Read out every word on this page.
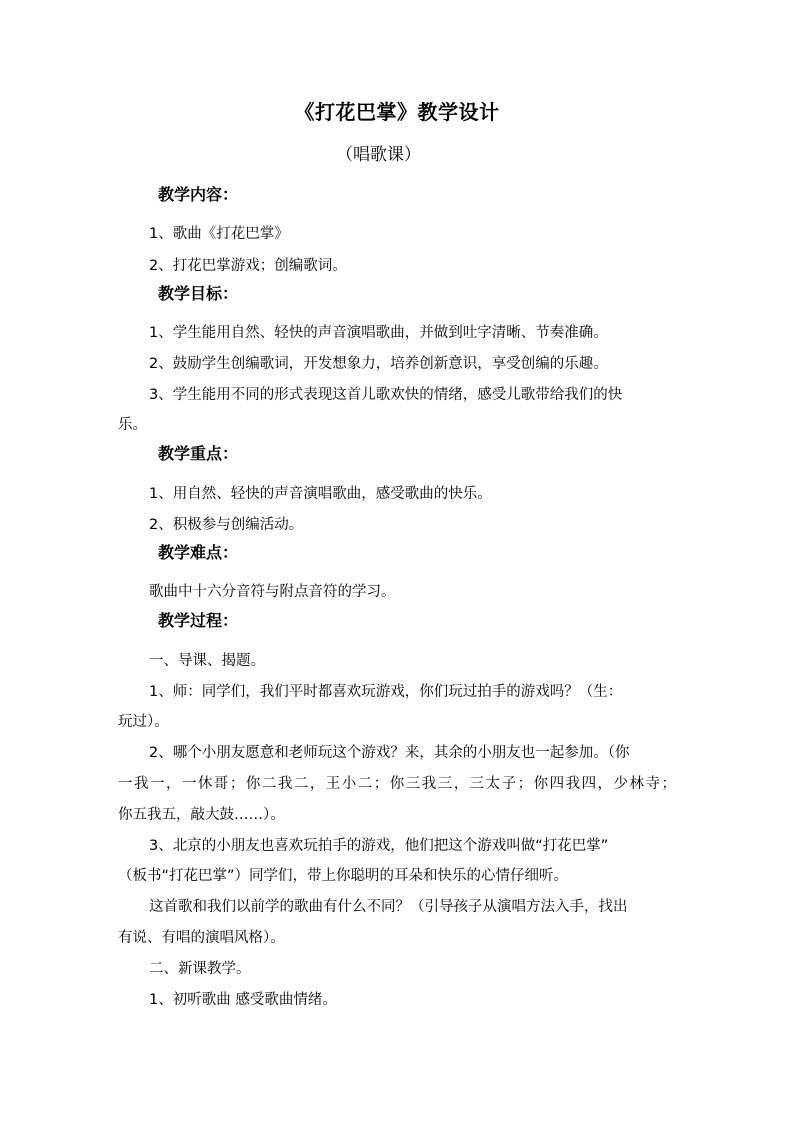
《打花巴掌》教学设计
（唱歌课）
教学内容：
1、歌曲《打花巴掌》
2、打花巴掌游戏；创编歌词。
教学目标：
1、学生能用自然、轻快的声音演唱歌曲，并做到吐字清晰、节奏准确。
2、鼓励学生创编歌词，开发想象力，培养创新意识，享受创编的乐趣。
3、学生能用不同的形式表现这首儿歌欢快的情绪，感受儿歌带给我们的快
乐。
教学重点：
1、用自然、轻快的声音演唱歌曲，感受歌曲的快乐。
2、积极参与创编活动。
教学难点：
歌曲中十六分音符与附点音符的学习。
教学过程：
一、导课、揭题。
1、师：同学们，我们平时都喜欢玩游戏，你们玩过拍手的游戏吗？（生：
玩过）。
2、哪个小朋友愿意和老师玩这个游戏？来，其余的小朋友也一起参加。（你
一我一，一休哥；你二我二，王小二；你三我三，三太子；你四我四，少林寺；
你五我五，敲大鼓……）。
3、北京的小朋友也喜欢玩拍手的游戏，他们把这个游戏叫做“打花巴掌”
（板书“打花巴掌”）同学们，带上你聪明的耳朵和快乐的心情仔细听。
这首歌和我们以前学的歌曲有什么不同？（引导孩子从演唱方法入手，找出
有说、有唱的演唱风格）。
二、新课教学。
1、初听歌曲 感受歌曲情绪。
